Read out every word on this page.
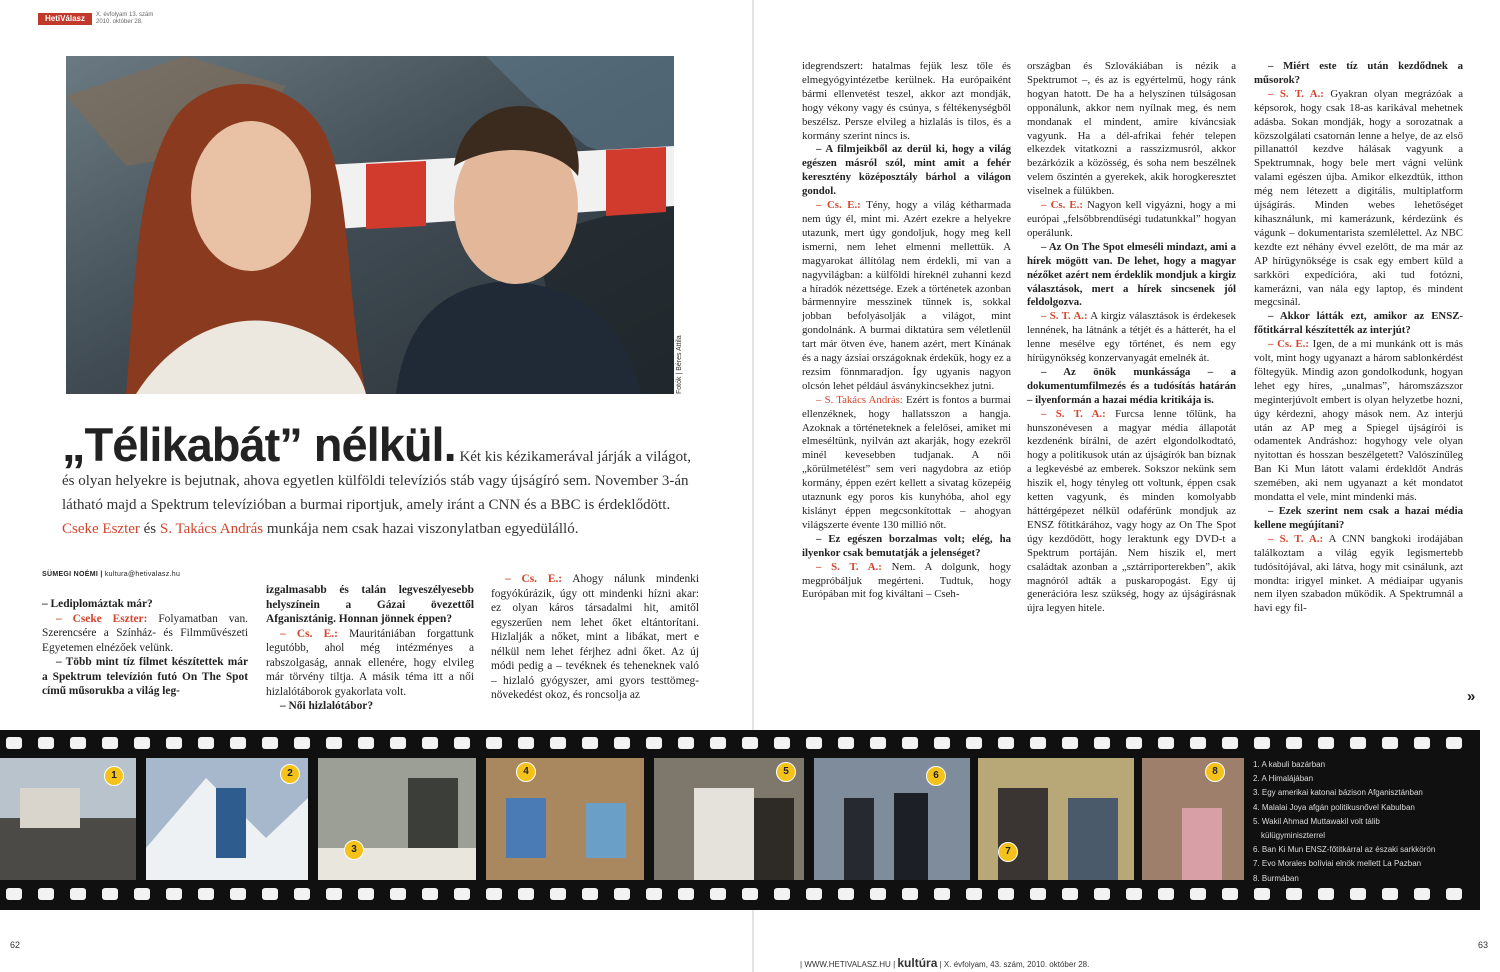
HetiVálasz	X. évfolyam 13. szám
2010. október 28.
Fotók | Béres Attila
„Télikabát” nélkül. Két kis kézikamerával járják a világot, és olyan helyekre is bejutnak, ahova egyetlen külföldi televíziós stáb vagy újságíró sem. November 3-án látható majd a Spektrum televízióban a burmai riportjuk, amely iránt a CNN és a BBC is érdeklődött. Cseke Eszter és S. Takács András munkája nem csak hazai viszonylatban egyedülálló.
SÜMEGI NOÉMI | kultura@hetivalasz.hu

– Lediplomáztak már?

– Cseke Eszter: Folyamatban van. Szerencsére a Színház- és Filmművészeti Egyetemen elnézőek velünk.

– Több mint tíz filmet készítettek már a Spektrum televízión futó On The Spot című műsorukba a világ leg-

izgalmasabb és talán legveszélyesebb helyszínein a Gázai övezettől Afganisztánig. Honnan jönnek éppen?

– Cs. E.: Mauritániában forgattunk legutóbb, ahol még intézményes a rabszolgaság, annak ellenére, hogy elvileg már törvény tiltja. A másik téma itt a női hizlalótáborok gyakorlata volt.

– Női hizlalótábor?

– Cs. E.: Ahogy nálunk mindenki fogyókúrázik, úgy ott mindenki hízni akar: ez olyan káros társadalmi hit, amitől egyszerűen nem lehet őket eltántorítani. Hizlalják a nőket, mint a libákat, mert e nélkül nem lehet férjhez adni őket. Az új módi pedig a – tevéknek és teheneknek való – hizlaló gyógyszer, ami gyors testtömeg-növekedést okoz, és roncsolja az

idegrendszert: hatalmas fejük lesz tőle és elmegyógyintézetbe kerülnek. Ha európaiként bármi ellenvetést teszel, akkor azt mondják, hogy vékony vagy és csúnya, s féltékenységből beszélsz. Persze elvileg a hizlalás is tilos, és a kormány szerint nincs is.

– A filmjeikből az derül ki, hogy a világ egészen másról szól, mint amit a fehér keresztény középosztály bárhol a világon gondol.

– Cs. E.: Tény, hogy a világ kétharmada nem úgy él, mint mi. Azért ezekre a helyekre utazunk, mert úgy gondoljuk, hogy meg kell ismerni, nem lehet elmenni mellettük. A magyarokat állítólag nem érdekli, mi van a nagyvilágban: a külföldi híreknél zuhanni kezd a híradók nézettsége. Ezek a történetek azonban bármennyire messzinek tűnnek is, sokkal jobban befolyásolják a világot, mint gondolnánk. A burmai diktatúra sem véletlenül tart már ötven éve, hanem azért, mert Kínának és a nagy ázsiai országoknak érdekük, hogy ez a rezsim fönnmaradjon. Így ugyanis nagyon olcsón lehet például ásványkincsekhez jutni.

– S. Takács András: Ezért is fontos a burmai ellenzéknek, hogy hallatsszon a hangja. Azoknak a történeteknek a felelősei, amiket mi elmeséltünk, nyilván azt akarják, hogy ezekről minél kevesebben tudjanak. A női „körülmetélést” sem veri nagydobra az etióp kormány, éppen ezért kellett a sivatag közepéig utaznunk egy poros kis kunyhóba, ahol egy kislányt éppen megcsonkítottak – ahogyan világszerte évente 130 millió nőt.

– Ez egészen borzalmas volt; elég, ha ilyenkor csak bemutatják a jelenséget?

– S. T. A.: Nem. A dolgunk, hogy megpróbáljuk megérteni. Tudtuk, hogy Európában mit fog kiváltani – Cseh-

országban és Szlovákiában is nézik a Spektrumot –, és az is egyértelmű, hogy ránk hogyan hatott. De ha a helyszínen túlságosan opponálunk, akkor nem nyílnak meg, és nem mondanak el mindent, amire kíváncsiak vagyunk. Ha a dél-afrikai fehér telepen elkezdek vitatkozni a rasszizmusról, akkor bezárkózik a közösség, és soha nem beszélnek velem őszintén a gyerekek, akik horogkeresztet viselnek a fülükben.

– Cs. E.: Nagyon kell vigyázni, hogy a mi európai „felsőbbrendűségi tudatunkkal” hogyan operálunk.

– Az On The Spot elmeséli mindazt, ami a hírek mögött van. De lehet, hogy a magyar nézőket azért nem érdeklik mondjuk a kirgiz választások, mert a hírek sincsenek jól feldolgozva.

– S. T. A.: A kirgiz választások is érdekesek lennének, ha látnánk a tétjét és a hátterét, ha el lenne mesélve egy történet, és nem egy hírügynökség konzervanyagát emelnék át.

– Az önök munkássága – a dokumentumfilmezés és a tudósítás határán – ilyenformán a hazai média kritikája is.

– S. T. A.: Furcsa lenne tőlünk, ha hunszonévesen a magyar média állapotát kezdenénk bírálni, de azért elgondolkodtató, hogy a politikusok után az újságírók ban bíznak a legkevésbé az emberek. Sokszor nekünk sem hiszik el, hogy tényleg ott voltunk, éppen csak ketten vagyunk, és minden komolyabb háttérgépezet nélkül odaférünk mondjuk az ENSZ főtitkárához, vagy hogy az On The Spot úgy kezdődött, hogy leraktunk egy DVD-t a Spektrum portáján. Nem hiszik el, mert családtak azonban a „sztárriporterekben”, akik magnóról adták a puskaropogást. Egy új generációra lesz szükség, hogy az újságírásnak újra legyen hitele.

– Miért este tíz után kezdődnek a műsorok?

– S. T. A.: Gyakran olyan megrázóak a képsorok, hogy csak 18-as karikával mehetnek adásba. Sokan mondják, hogy a sorozatnak a közszolgálati csatornán lenne a helye, de az első pillanattól kezdve hálásak vagyunk a Spektrumnak, hogy bele mert vágni velünk valami egészen újba. Amikor elkezdtük, itthon még nem létezett a digitális, multiplatform újságírás. Minden webes lehetőséget kihasználunk, mi kamerázunk, kérdezünk és vágunk – dokumentarista szemlélettel. Az NBC kezdte ezt néhány évvel ezelőtt, de ma már az AP hírügynöksége is csak egy embert küld a sarkköri expedícióra, aki tud fotózni, kamerázni, van nála egy laptop, és mindent megcsinál.

– Akkor látták ezt, amikor az ENSZ-főtitkárral készítették az interjút?

– Cs. E.: Igen, de a mi munkánk ott is más volt, mint hogy ugyanazt a három sablonkérdést föltegyük. Mindig azon gondolkodunk, hogyan lehet egy híres, „unalmas”, háromszázszor meginterjúvolt embert is olyan helyzetbe hozni, úgy kérdezni, ahogy mások nem. Az interjú után az AP meg a Spiegel újságírói is odamentek Andráshoz: hogyhogy vele olyan nyitottan és hosszan beszélgetett? Valószínűleg Ban Ki Mun látott valami érdekldőt András szemében, aki nem ugyanazt a két mondatot mondatta el vele, mint mindenki más.

– Ezek szerint nem csak a hazai média kellene megújítani?

– S. T. A.: A CNN bangkoki irodájában találkoztam a világ egyik legismertebb tudósítójával, aki látva, hogy mit csinálunk, azt mondta: irigyel minket. A médiaipar ugyanis nem ilyen szabadon működik. A Spektrumnál a havi egy fil-

»
1	2
3
4	5	6
7
8
1. A kabuli bazárban
2. A Himalájában
3. Egy amerikai katonai bázison Afganisztánban
4. Malalai Joya afgán politikusnővel Kabulban
5. Wakil Ahmad Muttawakil volt tálib
külügyminiszterrel
6. Ban Ki Mun ENSZ-főtitkárral az északi sarkkörön
7. Evo Morales bolíviai elnök mellett La Pazban
8. Burmában
62	63
| WWW.HETIVALASZ.HU | kultúra | X. évfolyam, 43. szám, 2010. október 28.
